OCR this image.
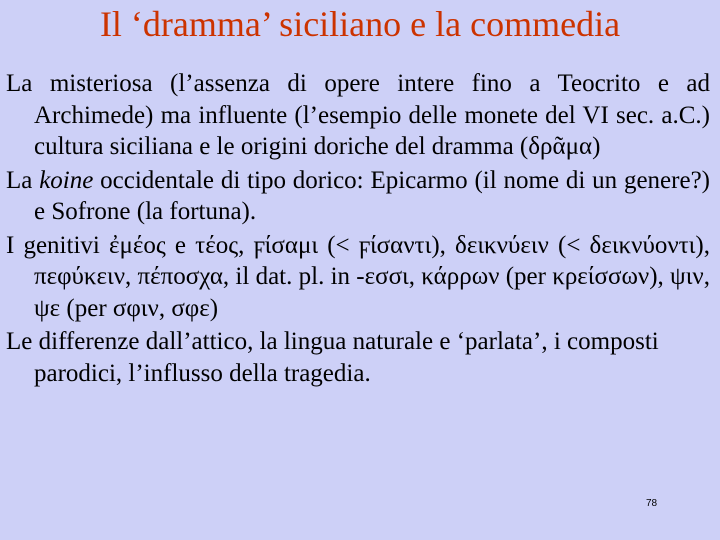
Il ‘dramma’ siciliano e la commedia
La misteriosa (l’assenza di opere intere fino a Teocrito e ad Archimede) ma influente (l’esempio delle monete del VI sec. a.C.) cultura siciliana e le origini doriche del dramma (δρᾶμα)
La koine occidentale di tipo dorico: Epicarmo (il nome di un genere?) e Sofrone (la fortuna).
I genitivi ἐμέος e τέος, ϝίσαμι (< ϝίσαντι), δεικνύειν (< δεικνύοντι), πεφύκειν, πέποσχα, il dat. pl. in ‑εσσι, κάρρων (per κρείσσων), ψιν, ψε (per σφιν, σφε)
Le differenze dall’attico, la lingua naturale e ‘parlata’, i composti parodici, l’influsso della tragedia.
78
